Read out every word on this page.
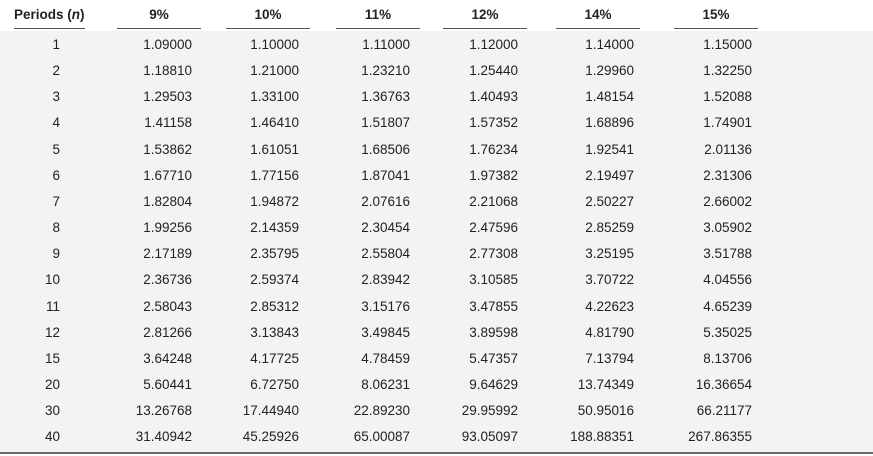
Periods (n)	9%	10%	11%	12%	14%	15%
1	1.09000	1.10000	1.11000	1.12000	1.14000	1.15000
2	1.18810	1.21000	1.23210	1.25440	1.29960	1.32250
3	1.29503	1.33100	1.36763	1.40493	1.48154	1.52088
4	1.41158	1.46410	1.51807	1.57352	1.68896	1.74901
5	1.53862	1.61051	1.68506	1.76234	1.92541	2.01136
6	1.67710	1.77156	1.87041	1.97382	2.19497	2.31306
7	1.82804	1.94872	2.07616	2.21068	2.50227	2.66002
8	1.99256	2.14359	2.30454	2.47596	2.85259	3.05902
9	2.17189	2.35795	2.55804	2.77308	3.25195	3.51788
10	2.36736	2.59374	2.83942	3.10585	3.70722	4.04556
11	2.58043	2.85312	3.15176	3.47855	4.22623	4.65239
12	2.81266	3.13843	3.49845	3.89598	4.81790	5.35025
15	3.64248	4.17725	4.78459	5.47357	7.13794	8.13706
20	5.60441	6.72750	8.06231	9.64629	13.74349	16.36654
30	13.26768	17.44940	22.89230	29.95992	50.95016	66.21177
40	31.40942	45.25926	65.00087	93.05097	188.88351	267.86355
